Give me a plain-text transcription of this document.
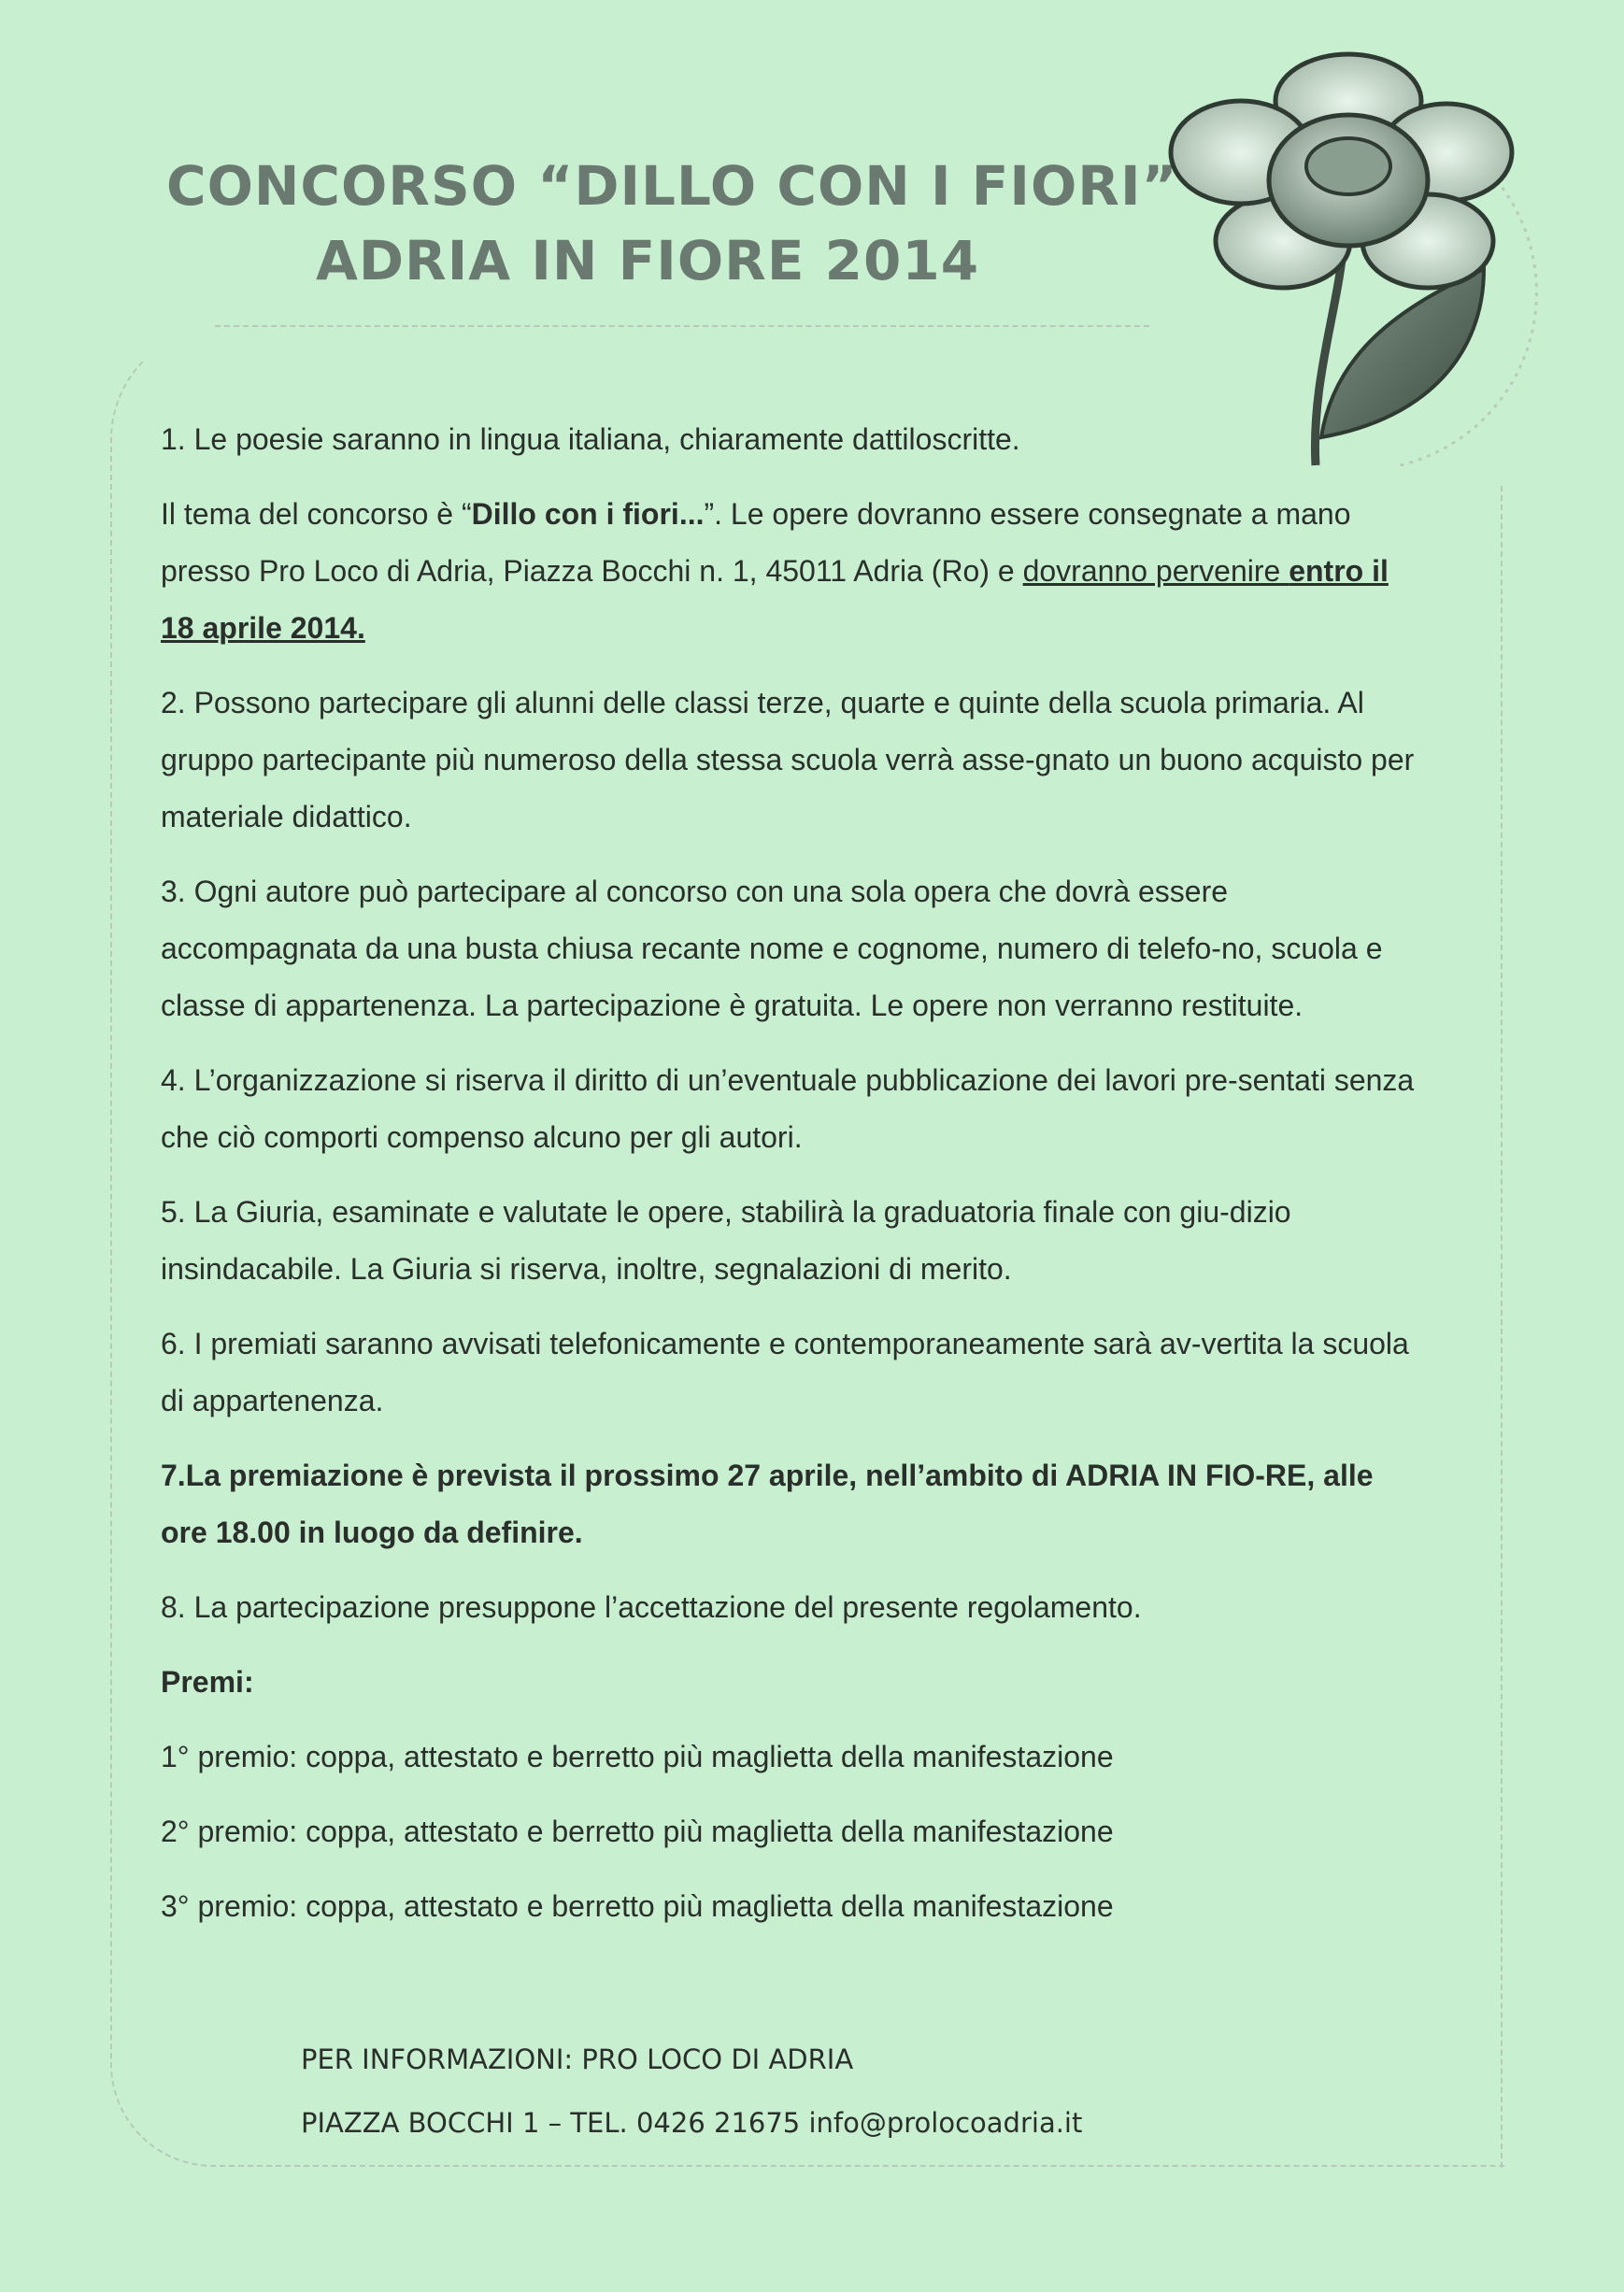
CONCORSO “DILLO CON I FIORI”
ADRIA IN FIORE 2014

1. Le poesie saranno in lingua italiana, chiaramente dattiloscritte.

Il tema del concorso è “Dillo con i fiori...”. Le opere dovranno essere consegnate a mano presso Pro Loco di Adria, Piazza Bocchi n. 1, 45011 Adria (Ro) e dovranno pervenire entro il 18 aprile 2014.

2. Possono partecipare gli alunni delle classi terze, quarte e quinte della scuola primaria. Al gruppo partecipante più numeroso della stessa scuola verrà asse-gnato un buono acquisto per materiale didattico.

3. Ogni autore può partecipare al concorso con una sola opera che dovrà essere accompagnata da una busta chiusa recante nome e cognome, numero di telefo-no, scuola e classe di appartenenza. La partecipazione è gratuita. Le opere non verranno restituite.

4. L’organizzazione si riserva il diritto di un’eventuale pubblicazione dei lavori pre-sentati senza che ciò comporti compenso alcuno per gli autori.

5. La Giuria, esaminate e valutate le opere, stabilirà la graduatoria finale con giu-dizio insindacabile. La Giuria si riserva, inoltre, segnalazioni di merito.

6. I premiati saranno avvisati telefonicamente e contemporaneamente sarà av-vertita la scuola di appartenenza.

7.La premiazione è prevista il prossimo 27 aprile, nell’ambito di ADRIA IN FIO-RE, alle ore 18.00 in luogo da definire.

8. La partecipazione presuppone l’accettazione del presente regolamento.

Premi:

1° premio: coppa, attestato e berretto più maglietta della manifestazione

2° premio: coppa, attestato e berretto più maglietta della manifestazione

3° premio: coppa, attestato e berretto più maglietta della manifestazione

PER INFORMAZIONI: PRO LOCO DI ADRIA
PIAZZA BOCCHI 1 – TEL. 0426 21675 info@prolocoadria.it
